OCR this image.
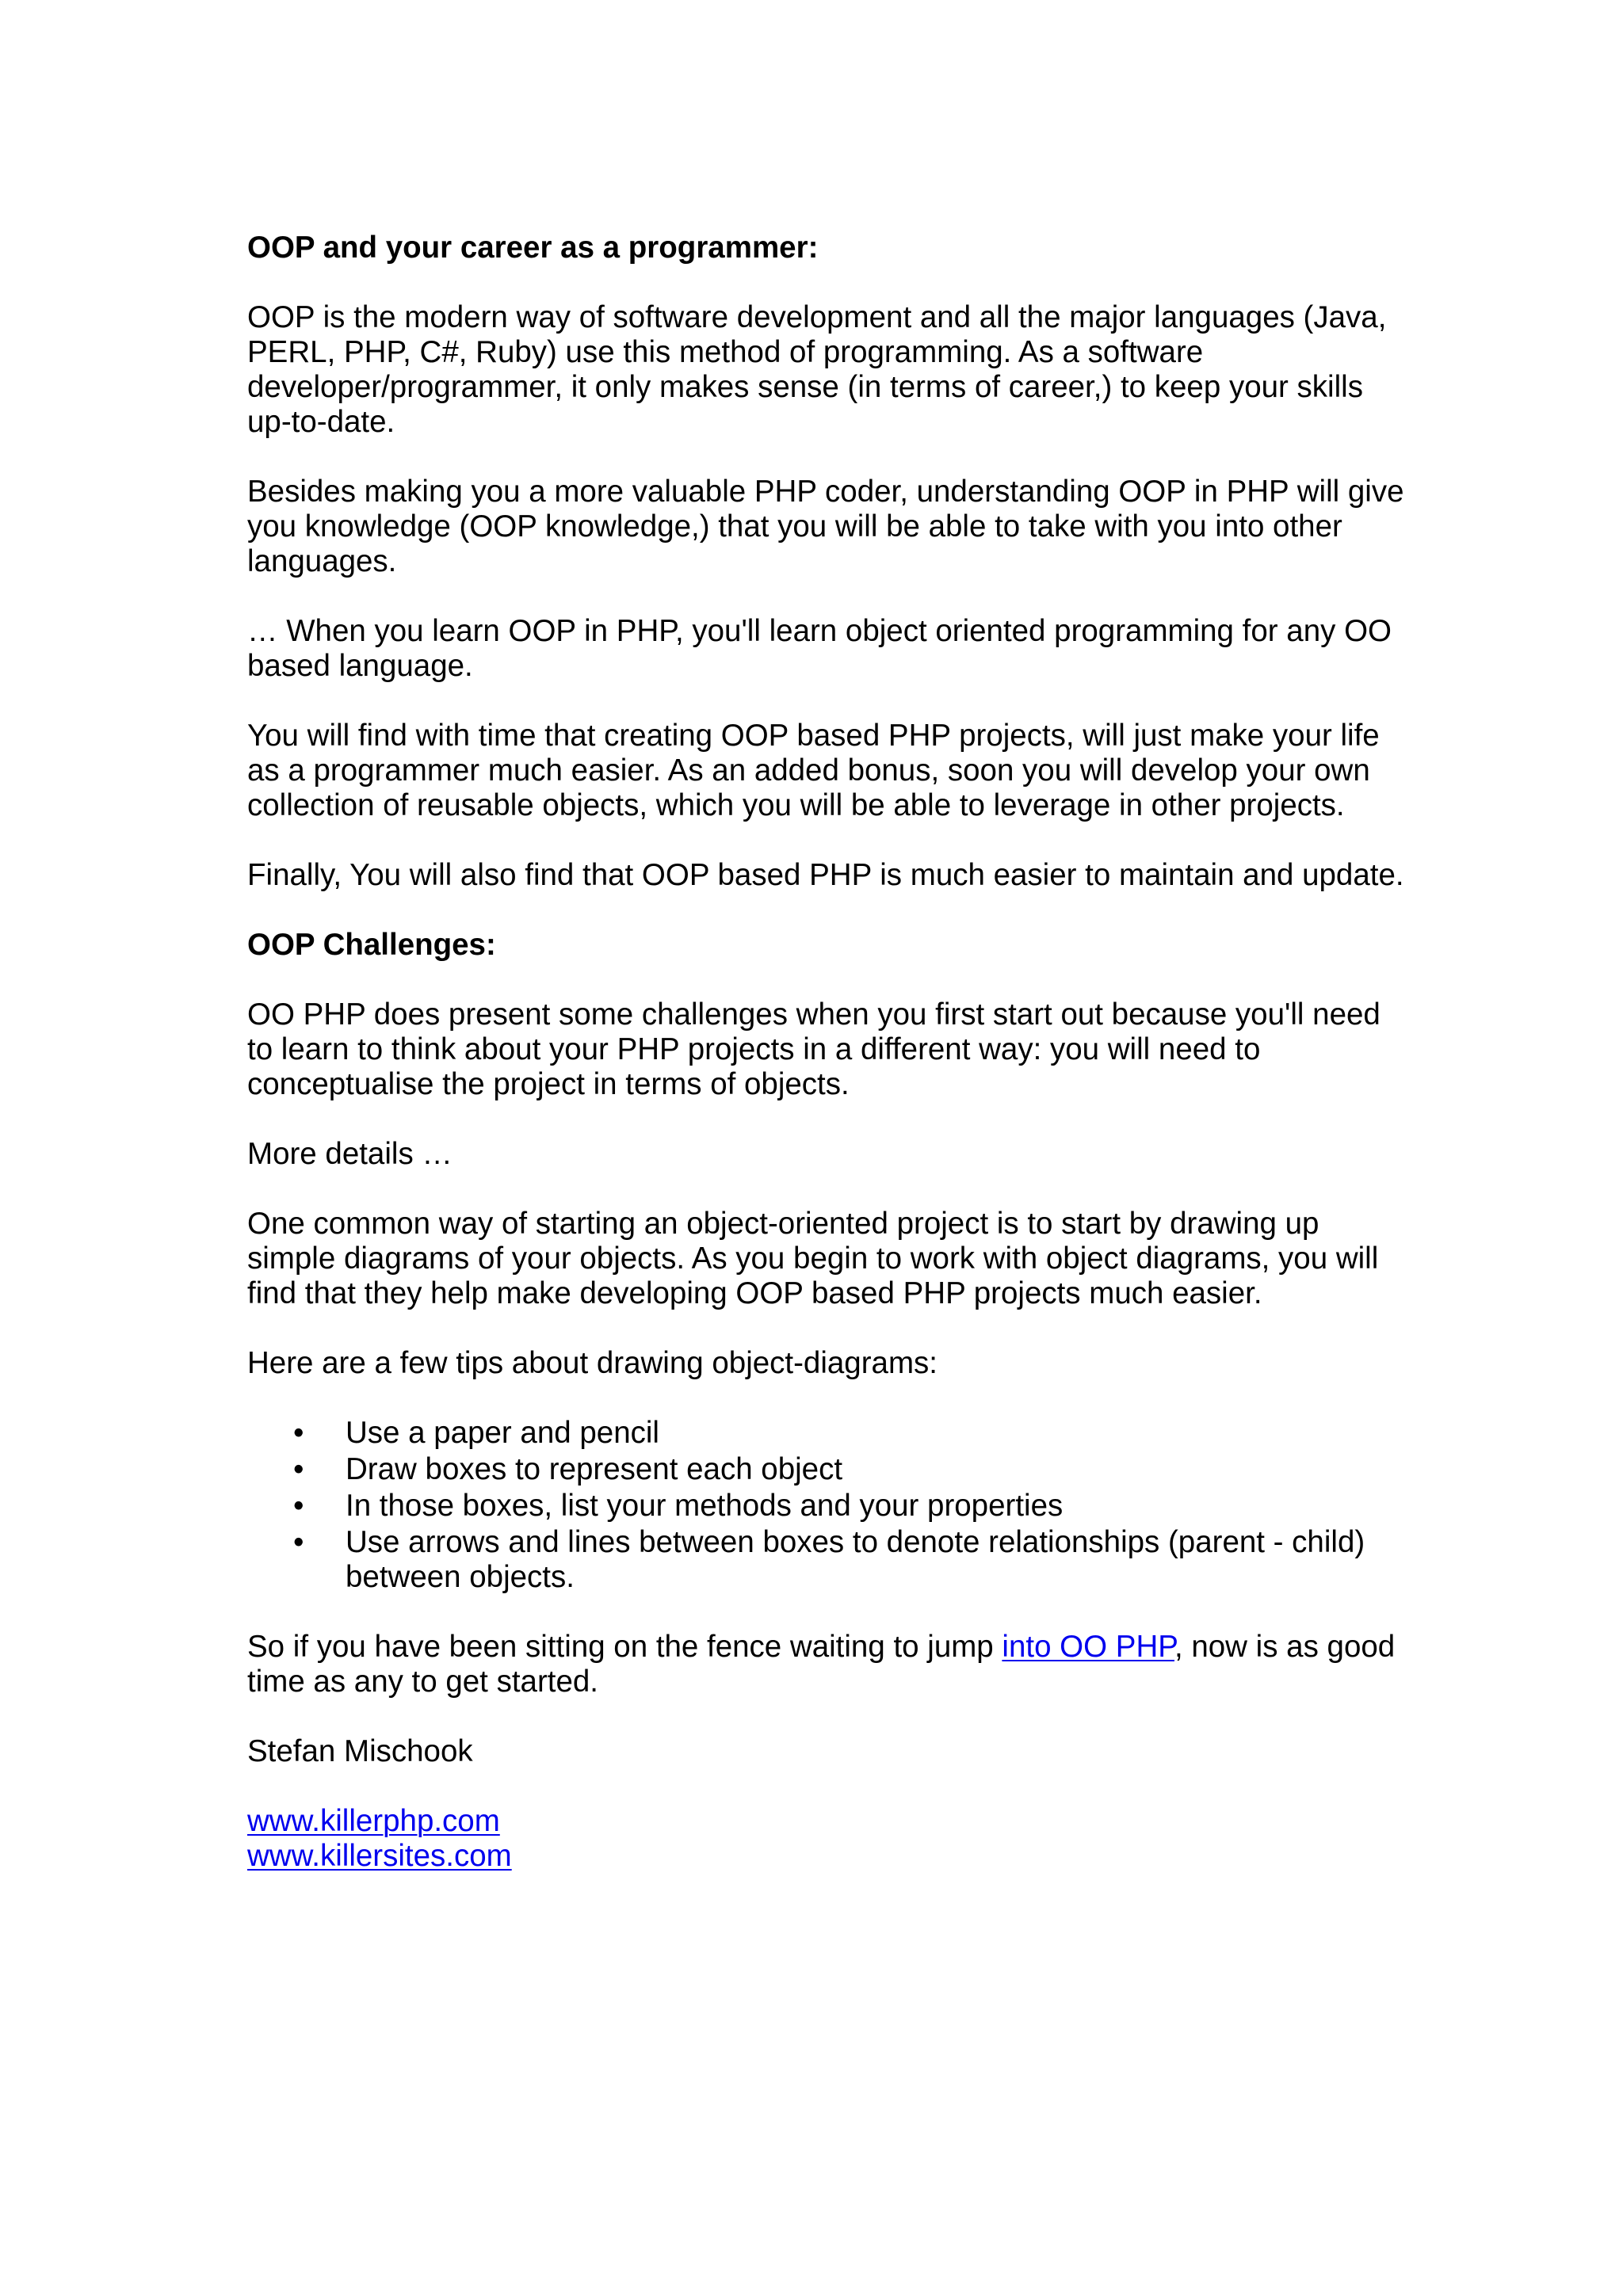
OOP and your career as a programmer:

OOP is the modern way of software development and all the major languages (Java, PERL, PHP, C#, Ruby) use this method of programming. As a software developer/programmer, it only makes sense (in terms of career,) to keep your skills up-to-date.

Besides making you a more valuable PHP coder, understanding OOP in PHP will give you knowledge (OOP knowledge,) that you will be able to take with you into other languages.

… When you learn OOP in PHP, you'll learn object oriented programming for any OO based language.

You will find with time that creating OOP based PHP projects, will just make your life as a programmer much easier. As an added bonus, soon you will develop your own collection of reusable objects, which you will be able to leverage in other projects.

Finally, You will also find that OOP based PHP is much easier to maintain and update.

OOP Challenges:

OO PHP does present some challenges when you first start out because you'll need to learn to think about your PHP projects in a different way: you will need to conceptualise the project in terms of objects.

More details …

One common way of starting an object-oriented project is to start by drawing up simple diagrams of your objects. As you begin to work with object diagrams, you will find that they help make developing OOP based PHP projects much easier.

Here are a few tips about drawing object-diagrams:

• Use a paper and pencil
• Draw boxes to represent each object
• In those boxes, list your methods and your properties
• Use arrows and lines between boxes to denote relationships (parent - child) between objects.

So if you have been sitting on the fence waiting to jump into OO PHP, now is as good time as any to get started.

Stefan Mischook

www.killerphp.com
www.killersites.com
